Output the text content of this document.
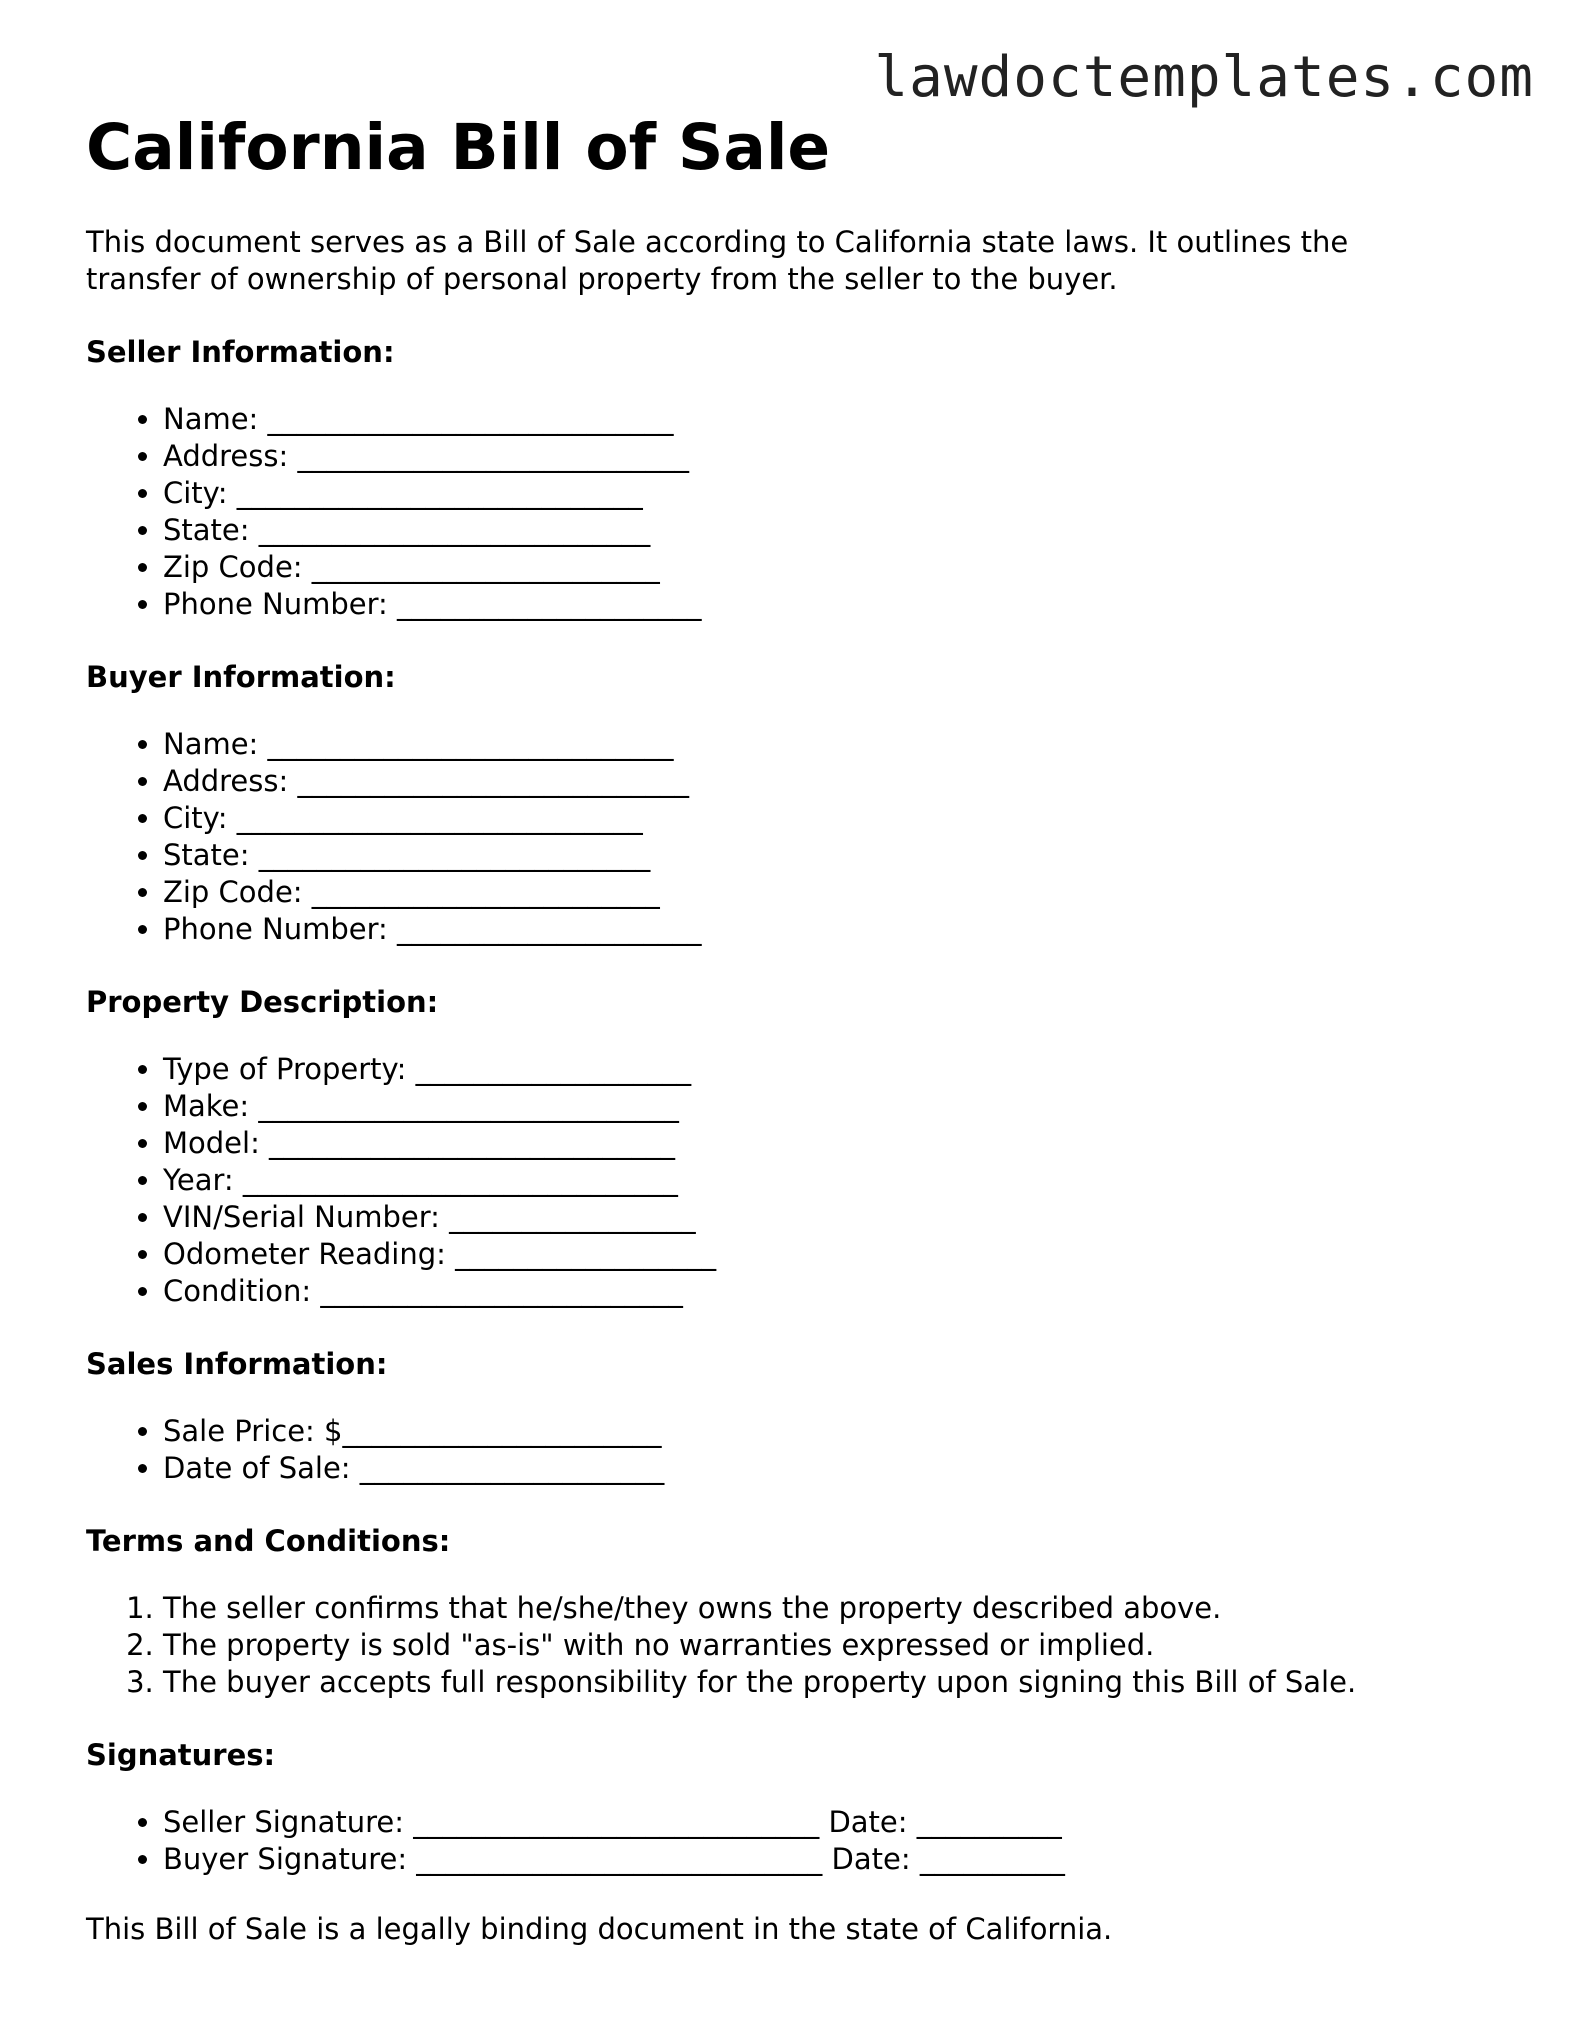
lawdoctemplates.com
California Bill of Sale

This document serves as a Bill of Sale according to California state laws. It outlines the transfer of ownership of personal property from the seller to the buyer.

Seller Information:

• Name: ____________________________
• Address: ___________________________
• City: ____________________________
• State: ___________________________
• Zip Code: ________________________
• Phone Number: _____________________

Buyer Information:

• Name: ____________________________
• Address: ___________________________
• City: ____________________________
• State: ___________________________
• Zip Code: ________________________
• Phone Number: _____________________

Property Description:

• Type of Property: ___________________
• Make: _____________________________
• Model: ____________________________
• Year: ______________________________
• VIN/Serial Number: _________________
• Odometer Reading: __________________
• Condition: _________________________

Sales Information:

• Sale Price: $______________________
• Date of Sale: _____________________

Terms and Conditions:

1. The seller confirms that he/she/they owns the property described above.
2. The property is sold "as-is" with no warranties expressed or implied.
3. The buyer accepts full responsibility for the property upon signing this Bill of Sale.

Signatures:

• Seller Signature: ____________________________ Date: __________
• Buyer Signature: ____________________________ Date: __________

This Bill of Sale is a legally binding document in the state of California.
